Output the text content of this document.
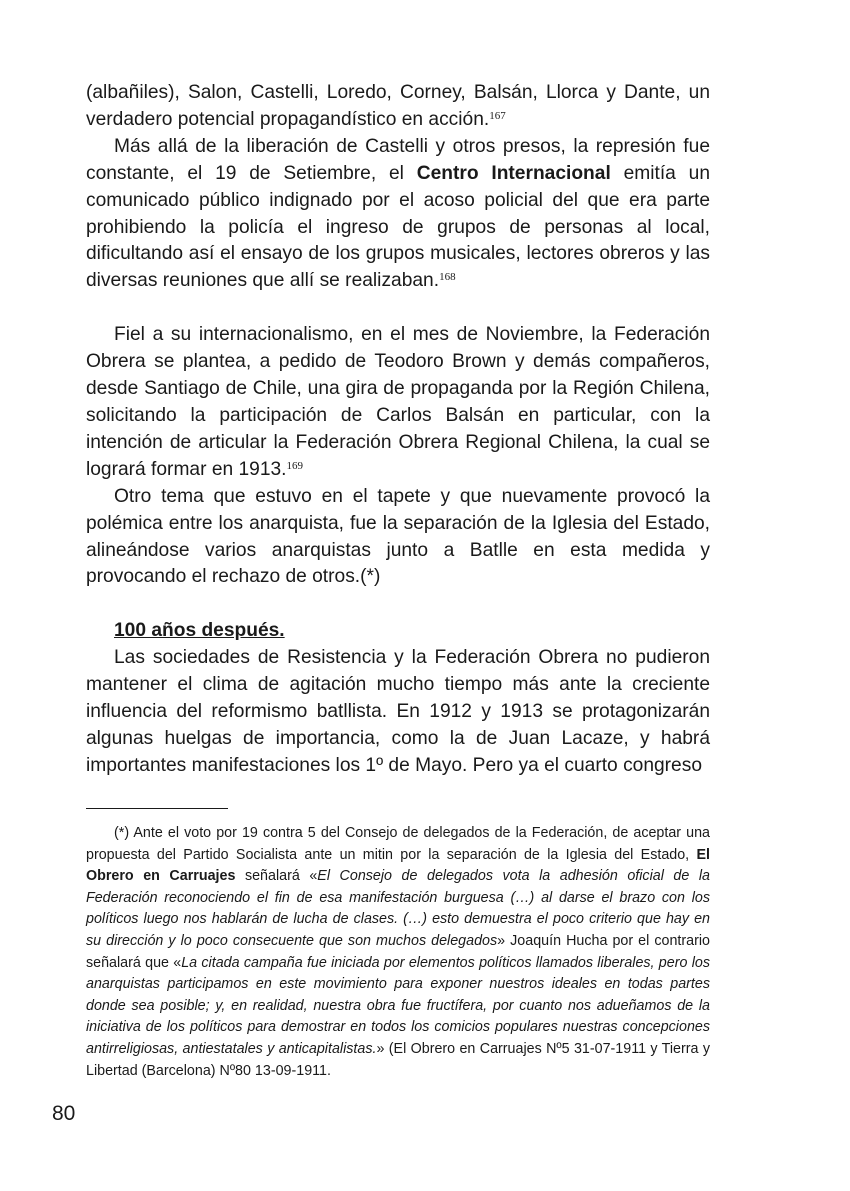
(albañiles), Salon, Castelli, Loredo, Corney, Balsán, Llorca y Dante, un verdadero potencial propagandístico en acción.$^{167}$

Más allá de la liberación de Castelli y otros presos, la represión fue constante, el 19 de Setiembre, el Centro Internacional emitía un comunicado público indignado por el acoso policial del que era parte prohibiendo la policía el ingreso de grupos de personas al local, dificultando así el ensayo de los grupos musicales, lectores obreros y las diversas reuniones que allí se realizaban.$^{168}$

Fiel a su internacionalismo, en el mes de Noviembre, la Federación Obrera se plantea, a pedido de Teodoro Brown y demás compañeros, desde Santiago de Chile, una gira de propaganda por la Región Chilena, solicitando la participación de Carlos Balsán en particular, con la intención de articular la Federación Obrera Regional Chilena, la cual se logrará formar en 1913.$^{169}$

Otro tema que estuvo en el tapete y que nuevamente provocó la polémica entre los anarquista, fue la separación de la Iglesia del Estado, alineándose varios anarquistas junto a Batlle en esta medida y provocando el rechazo de otros.(*)

100 años después.

Las sociedades de Resistencia y la Federación Obrera no pudieron mantener el clima de agitación mucho tiempo más ante la creciente influencia del reformismo batllista. En 1912 y 1913 se protagonizarán algunas huelgas de importancia, como la de Juan Lacaze, y habrá importantes manifestaciones los 1º de Mayo. Pero ya el cuarto congreso

(*) Ante el voto por 19 contra 5 del Consejo de delegados de la Federación, de aceptar una propuesta del Partido Socialista ante un mitin por la separación de la Iglesia del Estado, El Obrero en Carruajes señalará «El Consejo de delegados vota la adhesión oficial de la Federación reconociendo el fin de esa manifestación burguesa (…) al darse el brazo con los políticos luego nos hablarán de lucha de clases. (…) esto demuestra el poco criterio que hay en su dirección y lo poco consecuente que son muchos delegados» Joaquín Hucha por el contrario señalará que «La citada campaña fue iniciada por elementos políticos llamados liberales, pero los anarquistas participamos en este movimiento para exponer nuestros ideales en todas partes donde sea posible; y, en realidad, nuestra obra fue fructífera, por cuanto nos adueñamos de la iniciativa de los políticos para demostrar en todos los comicios populares nuestras concepciones antirreligiosas, antiestatales y anticapitalistas.» (El Obrero en Carruajes Nº5 31-07-1911 y Tierra y Libertad (Barcelona) Nº80 13-09-1911.

80
